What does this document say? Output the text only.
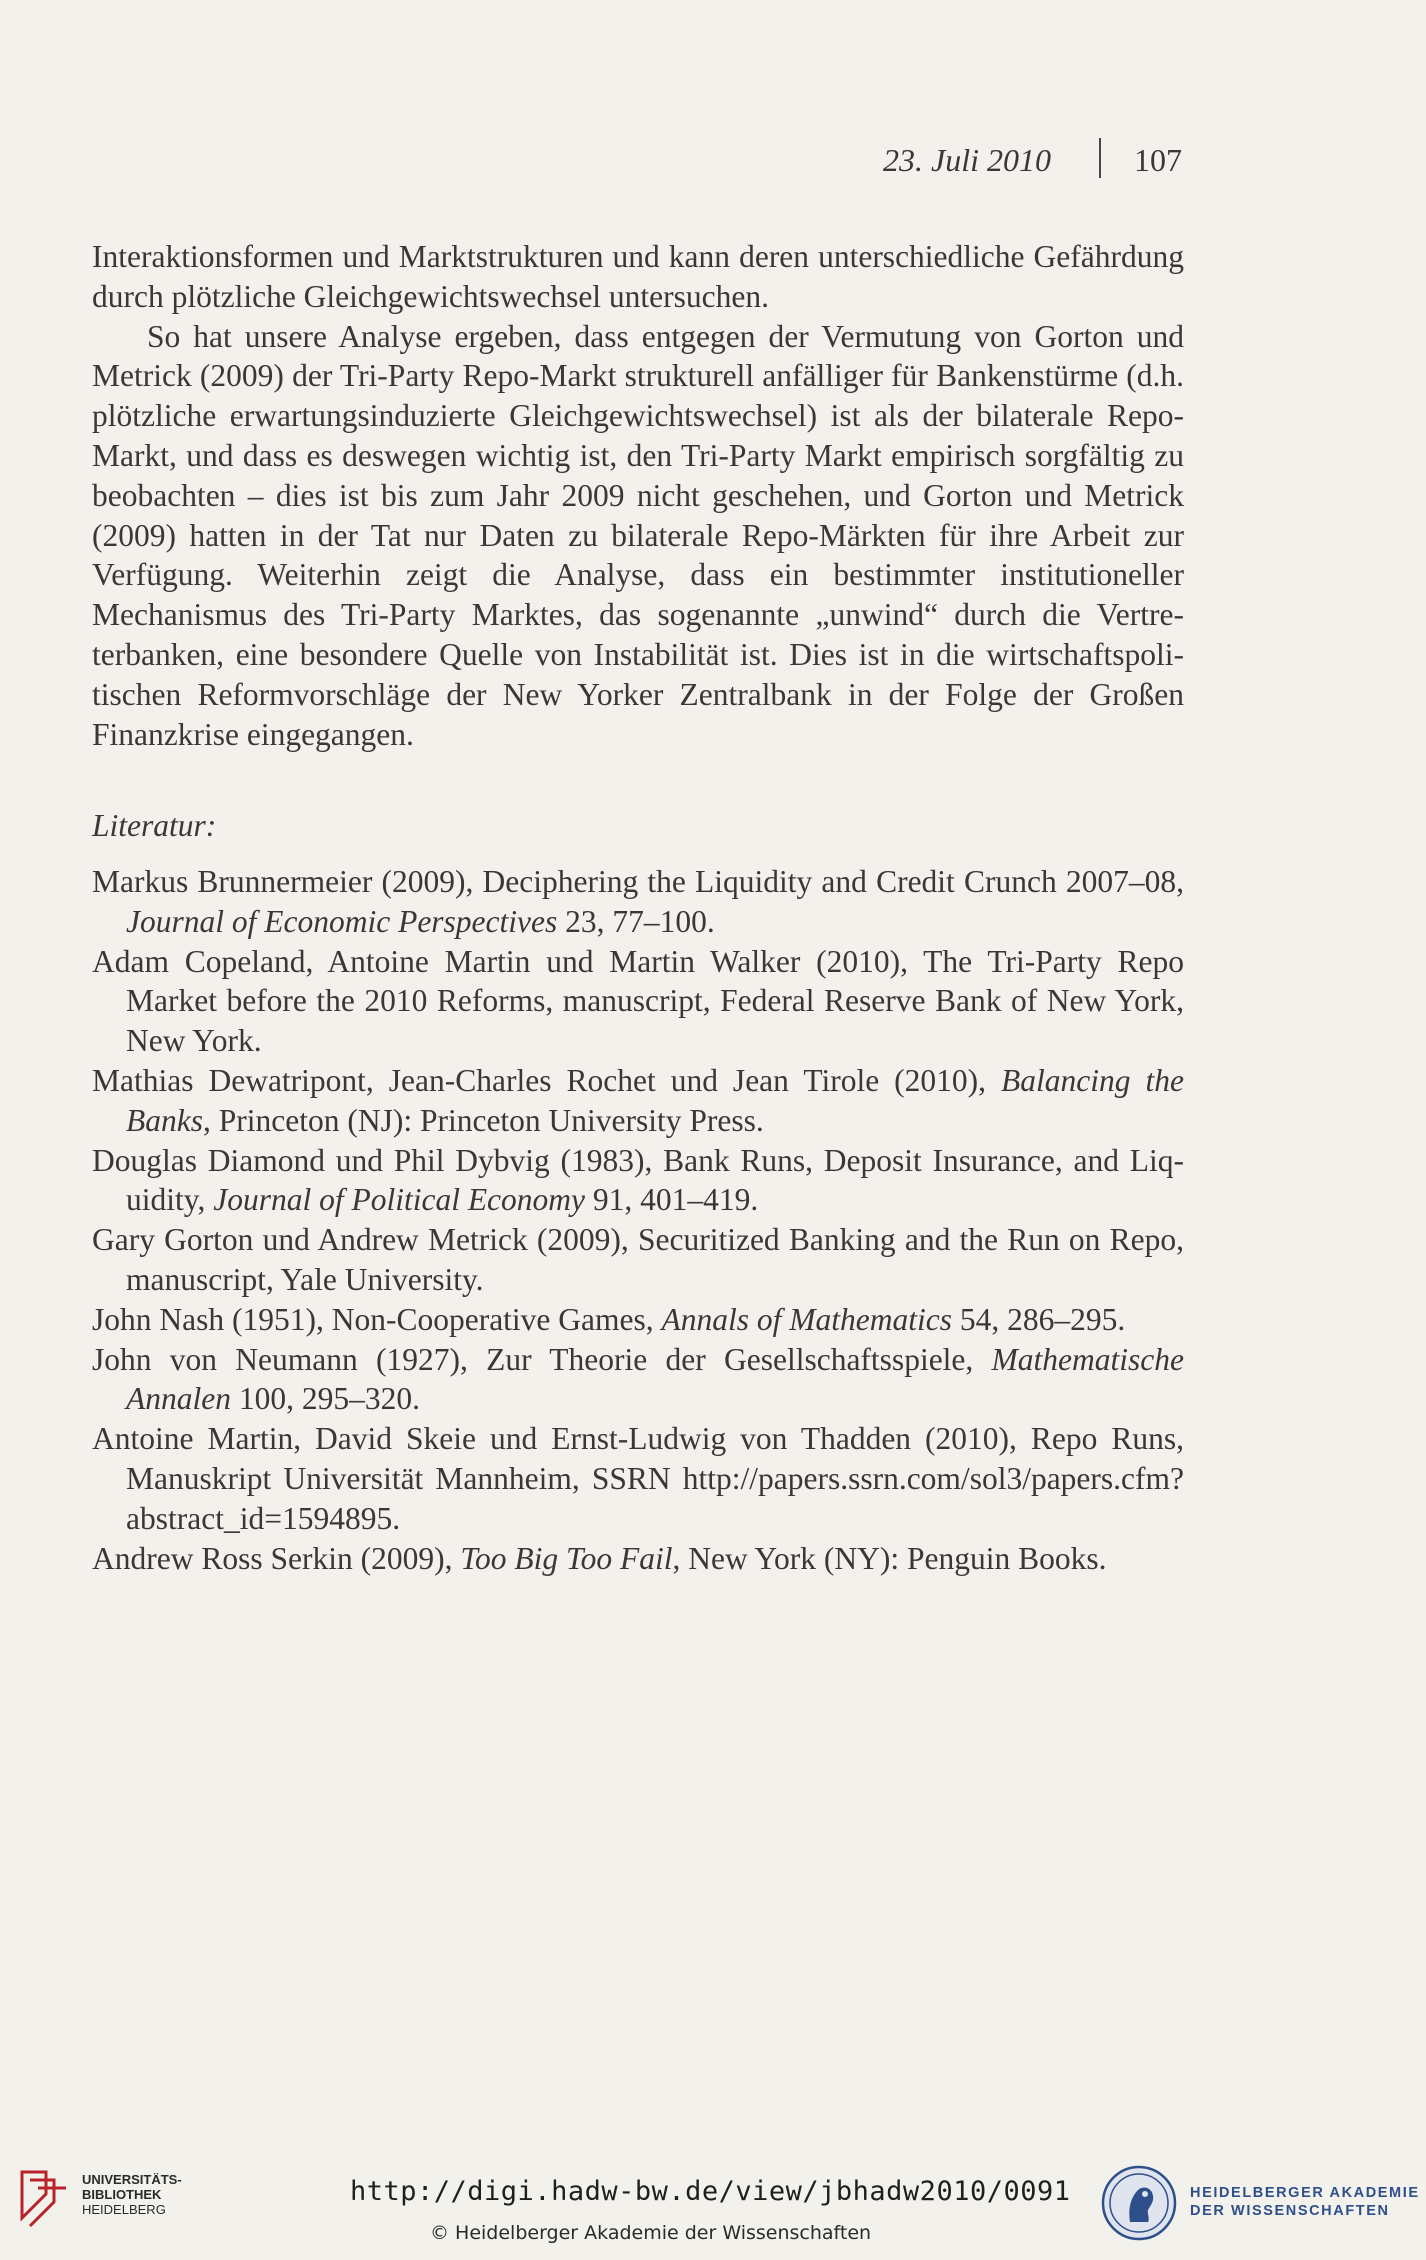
23. Juli 2010	107

Interaktionsformen und Marktstrukturen und kann deren unterschiedliche Gefährdung durch plötzliche Gleichgewichtswechsel untersuchen.

So hat unsere Analyse ergeben, dass entgegen der Vermutung von Gorton und Metrick (2009) der Tri-Party Repo-Markt strukturell anfälliger für Bankenstürme (d.h. plötzliche erwartungsinduzierte Gleichgewichtswechsel) ist als der bilaterale Repo-Markt, und dass es deswegen wichtig ist, den Tri-Party Markt empirisch sorgfältig zu beobachten – dies ist bis zum Jahr 2009 nicht geschehen, und Gorton und Metrick (2009) hatten in der Tat nur Daten zu bilaterale Repo-Märkten für ihre Arbeit zur Verfügung. Weiterhin zeigt die Analyse, dass ein bestimmter institutioneller Mechanismus des Tri-Party Marktes, das sogenannte „unwind“ durch die Vertreterbanken, eine besondere Quelle von Instabilität ist. Dies ist in die wirtschaftspolitischen Reformvorschläge der New Yorker Zentralbank in der Folge der Großen Finanzkrise eingegangen.

Literatur:

Markus Brunnermeier (2009), Deciphering the Liquidity and Credit Crunch 2007–08, Journal of Economic Perspectives 23, 77–100.

Adam Copeland, Antoine Martin und Martin Walker (2010), The Tri-Party Repo Market before the 2010 Reforms, manuscript, Federal Reserve Bank of New York, New York.

Mathias Dewatripont, Jean-Charles Rochet und Jean Tirole (2010), Balancing the Banks, Princeton (NJ): Princeton University Press.

Douglas Diamond und Phil Dybvig (1983), Bank Runs, Deposit Insurance, and Liquidity, Journal of Political Economy 91, 401–419.

Gary Gorton und Andrew Metrick (2009), Securitized Banking and the Run on Repo, manuscript, Yale University.

John Nash (1951), Non-Cooperative Games, Annals of Mathematics 54, 286–295.

John von Neumann (1927), Zur Theorie der Gesellschaftsspiele, Mathematische Annalen 100, 295–320.

Antoine Martin, David Skeie und Ernst-Ludwig von Thadden (2010), Repo Runs, Manuskript Universität Mannheim, SSRN http://papers.ssrn.com/sol3/papers.​cfm?abstract_id=1594895.

Andrew Ross Serkin (2009), Too Big Too Fail, New York (NY): Penguin Books.

UNIVERSITÄTS-
BIBLIOTHEK
HEIDELBERG
http://digi.hadw-bw.de/view/jbhadw2010/0091
© Heidelberger Akademie der Wissenschaften
HEIDELBERGER AKADEMIE
DER WISSENSCHAFTEN
